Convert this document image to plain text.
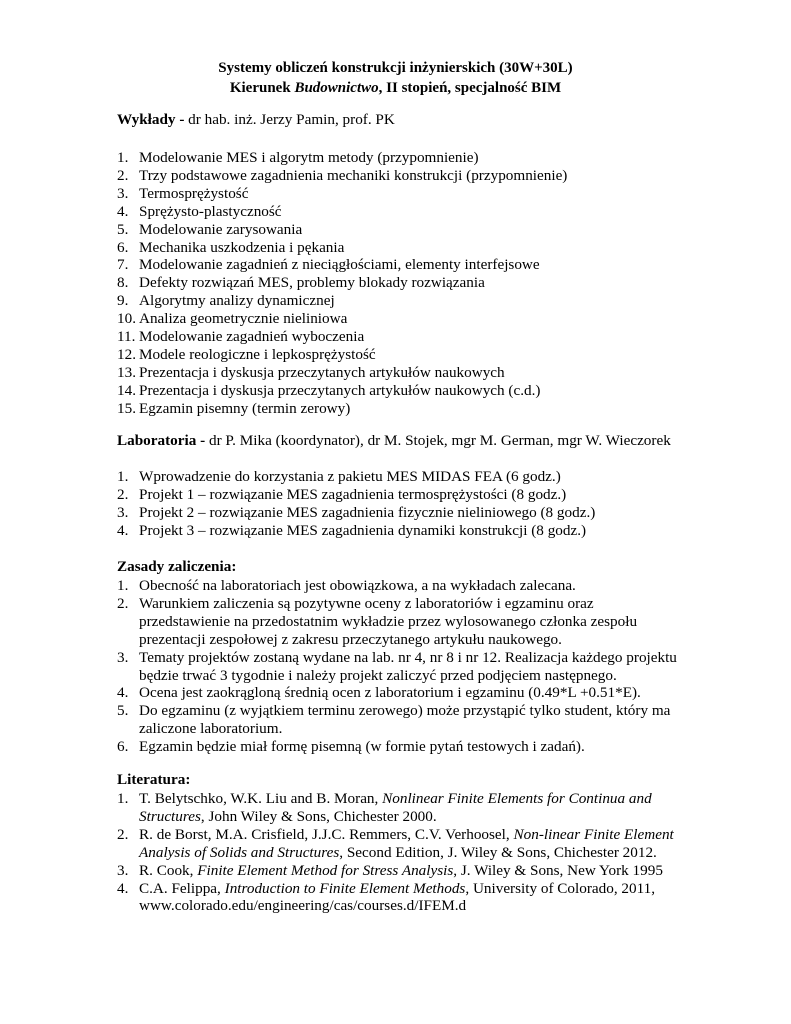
Systemy obliczeń konstrukcji inżynierskich (30W+30L)
Kierunek Budownictwo, II stopień, specjalność BIM
Wykłady - dr hab. inż. Jerzy Pamin, prof. PK
1. Modelowanie MES i algorytm metody (przypomnienie)
2. Trzy podstawowe zagadnienia mechaniki konstrukcji (przypomnienie)
3. Termosprężystość
4. Sprężysto-plastyczność
5. Modelowanie zarysowania
6. Mechanika uszkodzenia i pękania
7. Modelowanie zagadnień z nieciągłościami, elementy interfejsowe
8. Defekty rozwiązań MES, problemy blokady rozwiązania
9. Algorytmy analizy dynamicznej
10. Analiza geometrycznie nieliniowa
11. Modelowanie zagadnień wyboczenia
12. Modele reologiczne i lepkosprężystość
13. Prezentacja i dyskusja przeczytanych artykułów naukowych
14. Prezentacja i dyskusja przeczytanych artykułów naukowych (c.d.)
15. Egzamin pisemny (termin zerowy)
Laboratoria - dr P. Mika (koordynator), dr M. Stojek, mgr M. German, mgr W. Wieczorek
1. Wprowadzenie do korzystania z pakietu MES MIDAS FEA (6 godz.)
2. Projekt 1 – rozwiązanie MES zagadnienia termosprężystości (8 godz.)
3. Projekt 2 – rozwiązanie MES zagadnienia fizycznie nieliniowego (8 godz.)
4. Projekt 3 – rozwiązanie MES zagadnienia dynamiki konstrukcji (8 godz.)
Zasady zaliczenia:
1. Obecność na laboratoriach jest obowiązkowa, a na wykładach zalecana.
2. Warunkiem zaliczenia są pozytywne oceny z laboratoriów i egzaminu oraz przedstawienie na przedostatnim wykładzie przez wylosowanego członka zespołu prezentacji zespołowej z zakresu przeczytanego artykułu naukowego.
3. Tematy projektów zostaną wydane na lab. nr 4, nr 8 i nr 12. Realizacja każdego projektu będzie trwać 3 tygodnie i należy projekt zaliczyć przed podjęciem następnego.
4. Ocena jest zaokrągloną średnią ocen z laboratorium i egzaminu (0.49*L +0.51*E).
5. Do egzaminu (z wyjątkiem terminu zerowego) może przystąpić tylko student, który ma zaliczone laboratorium.
6. Egzamin będzie miał formę pisemną (w formie pytań testowych i zadań).
Literatura:
1. T. Belytschko, W.K. Liu and B. Moran, Nonlinear Finite Elements for Continua and Structures, John Wiley & Sons, Chichester 2000.
2. R. de Borst, M.A. Crisfield, J.J.C. Remmers, C.V. Verhoosel, Non-linear Finite Element Analysis of Solids and Structures, Second Edition, J. Wiley & Sons, Chichester 2012.
3. R. Cook, Finite Element Method for Stress Analysis, J. Wiley & Sons, New York 1995
4. C.A. Felippa, Introduction to Finite Element Methods, University of Colorado, 2011, www.colorado.edu/engineering/cas/courses.d/IFEM.d
